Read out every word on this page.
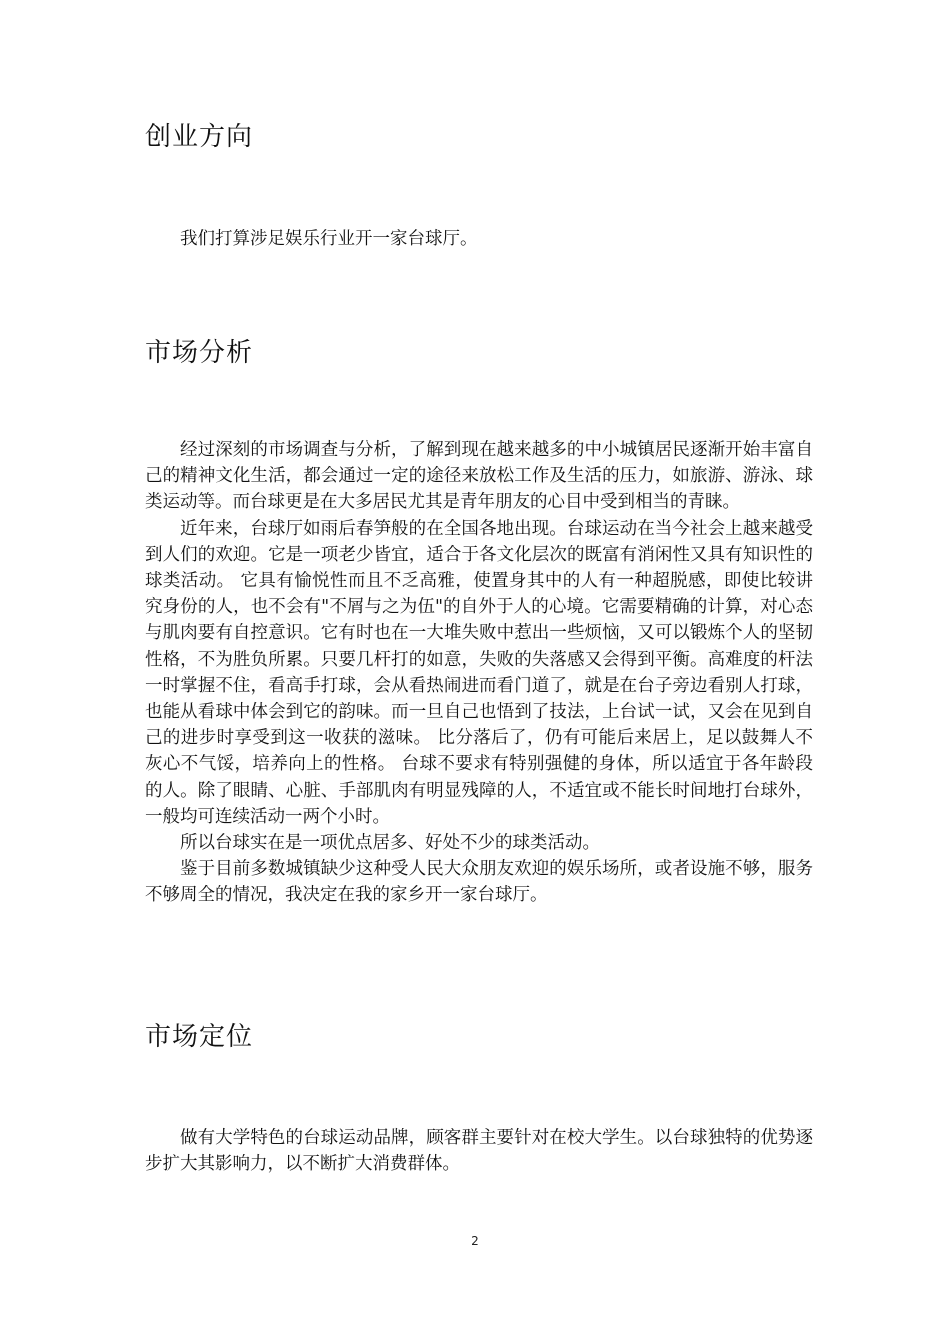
创业方向

我们打算涉足娱乐行业开一家台球厅。

市场分析

经过深刻的市场调查与分析，了解到现在越来越多的中小城镇居民逐渐开始丰富自己的精神文化生活，都会通过一定的途径来放松工作及生活的压力，如旅游、游泳、球类运动等。而台球更是在大多居民尤其是青年朋友的心目中受到相当的青睐。

近年来，台球厅如雨后春笋般的在全国各地出现。台球运动在当今社会上越来越受到人们的欢迎。它是一项老少皆宜，适合于各文化层次的既富有消闲性又具有知识性的球类活动。 它具有愉悦性而且不乏高雅，使置身其中的人有一种超脱感，即使比较讲究身份的人，也不会有"不屑与之为伍"的自外于人的心境。它需要精确的计算，对心态与肌肉要有自控意识。它有时也在一大堆失败中惹出一些烦恼，又可以锻炼个人的坚韧性格，不为胜负所累。只要几杆打的如意，失败的失落感又会得到平衡。高难度的杆法一时掌握不住，看高手打球，会从看热闹进而看门道了，就是在台子旁边看别人打球，也能从看球中体会到它的韵味。而一旦自己也悟到了技法，上台试一试，又会在见到自己的进步时享受到这一收获的滋味。 比分落后了，仍有可能后来居上，足以鼓舞人不灰心不气馁，培养向上的性格。 台球不要求有特别强健的身体，所以适宜于各年龄段的人。除了眼睛、心脏、手部肌肉有明显残障的人，不适宜或不能长时间地打台球外，一般均可连续活动一两个小时。

所以台球实在是一项优点居多、好处不少的球类活动。

鉴于目前多数城镇缺少这种受人民大众朋友欢迎的娱乐场所，或者设施不够，服务不够周全的情况，我决定在我的家乡开一家台球厅。

市场定位

做有大学特色的台球运动品牌，顾客群主要针对在校大学生。以台球独特的优势逐步扩大其影响力，以不断扩大消费群体。

2
